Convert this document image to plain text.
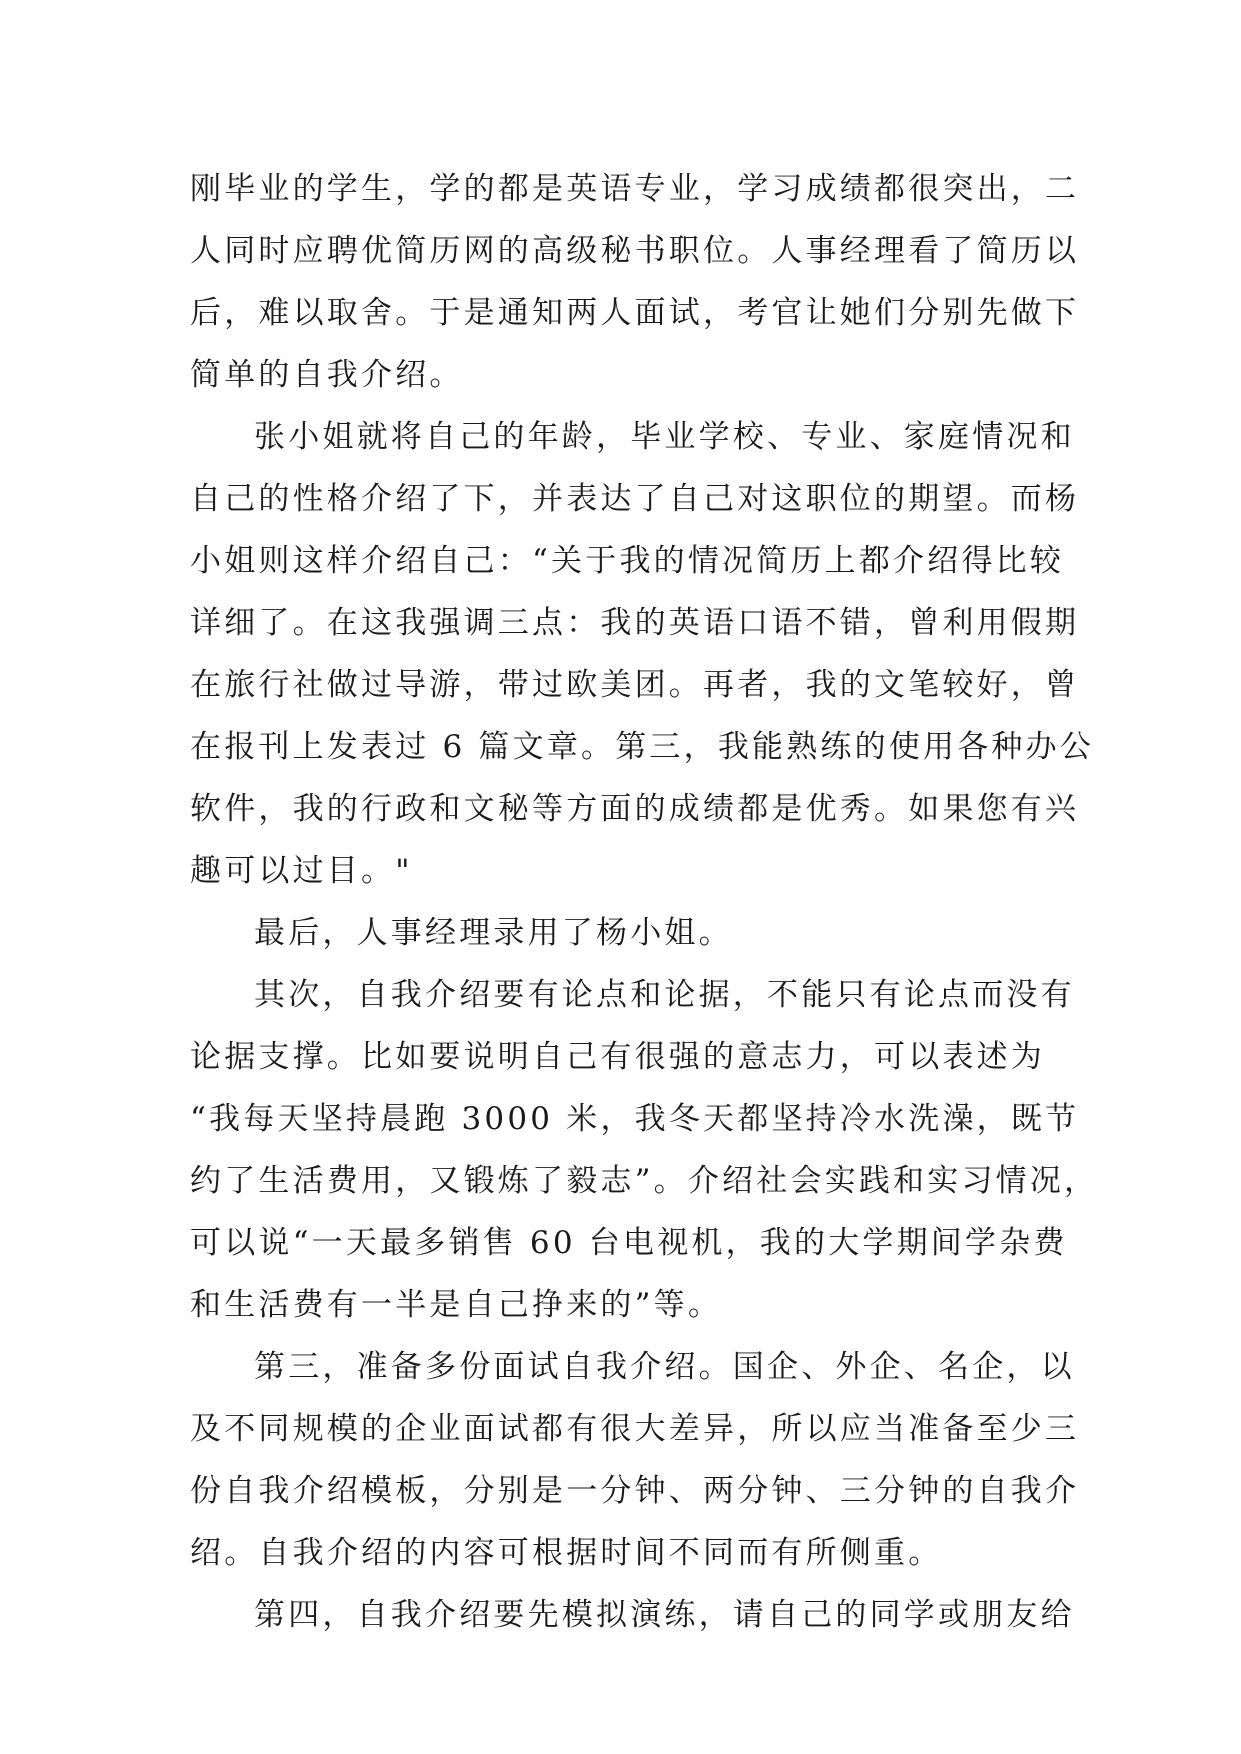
刚毕业的学生，学的都是英语专业，学习成绩都很突出，二
人同时应聘优简历网的高级秘书职位。人事经理看了简历以
后，难以取舍。于是通知两人面试，考官让她们分别先做下
简单的自我介绍。
张小姐就将自己的年龄，毕业学校、专业、家庭情况和
自己的性格介绍了下，并表达了自己对这职位的期望。而杨
小姐则这样介绍自己：“关于我的情况简历上都介绍得比较
详细了。在这我强调三点：我的英语口语不错，曾利用假期
在旅行社做过导游，带过欧美团。再者，我的文笔较好，曾
在报刊上发表过 6 篇文章。第三，我能熟练的使用各种办公
软件，我的行政和文秘等方面的成绩都是优秀。如果您有兴
趣可以过目。"
最后，人事经理录用了杨小姐。
其次，自我介绍要有论点和论据，不能只有论点而没有
论据支撑。比如要说明自己有很强的意志力，可以表述为
“我每天坚持晨跑 3000 米，我冬天都坚持冷水洗澡，既节
约了生活费用，又锻炼了毅志”。介绍社会实践和实习情况，
可以说“一天最多销售 60 台电视机，我的大学期间学杂费
和生活费有一半是自己挣来的”等。
第三，准备多份面试自我介绍。国企、外企、名企，以
及不同规模的企业面试都有很大差异，所以应当准备至少三
份自我介绍模板，分别是一分钟、两分钟、三分钟的自我介
绍。自我介绍的内容可根据时间不同而有所侧重。
第四，自我介绍要先模拟演练，请自己的同学或朋友给
